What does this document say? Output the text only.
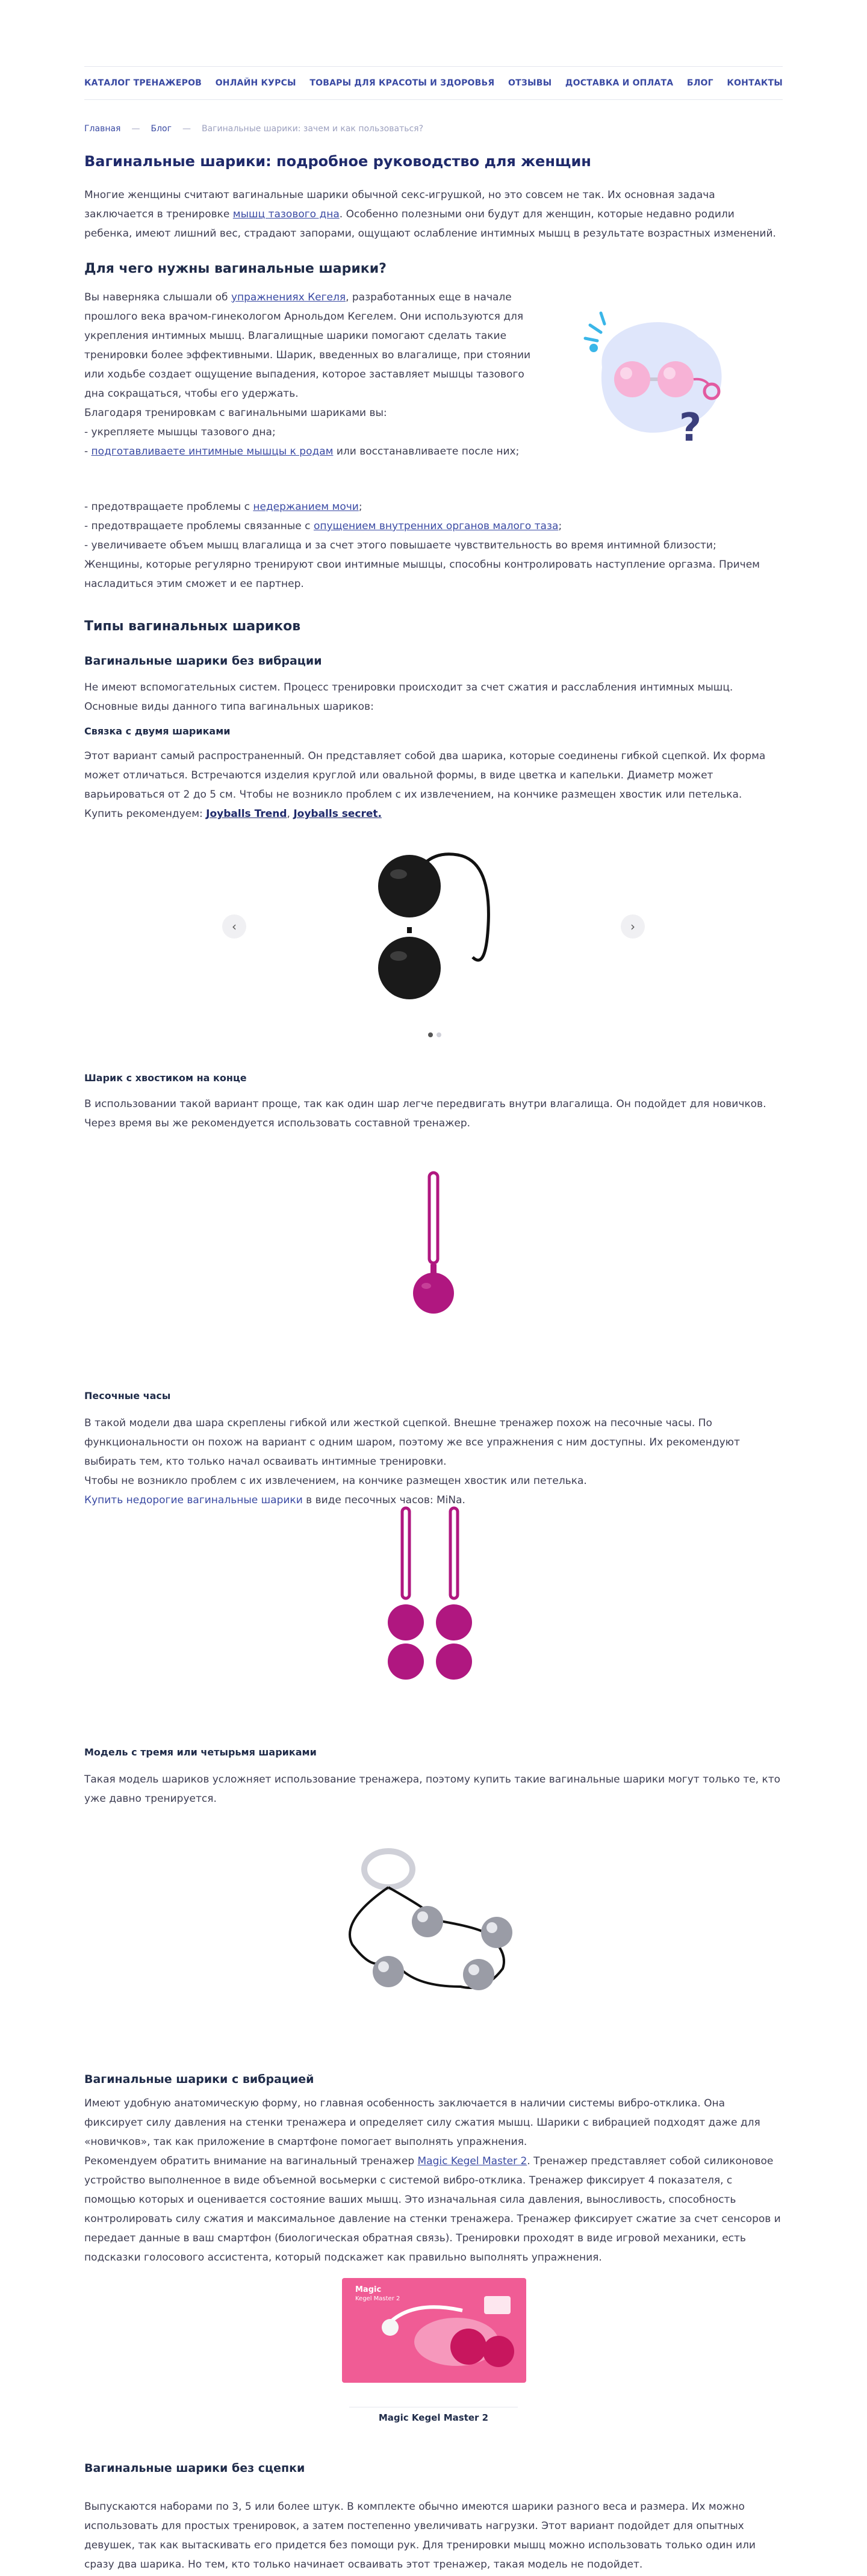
КАТАЛОГ ТРЕНАЖЕРОВ ОНЛАЙН КУРСЫ ТОВАРЫ ДЛЯ КРАСОТЫ И ЗДОРОВЬЯ ОТЗЫВЫ ДОСТАВКА И ОПЛАТА БЛОГ КОНТАКТЫ
Главная — Блог — Вагинальные шарики: зачем и как пользоваться?
Вагинальные шарики: подробное руководство для женщин

Многие женщины считают вагинальные шарики обычной секс-игрушкой, но это совсем не так. Их основная задача заключается в тренировке мышц тазового дна. Особенно полезными они будут для женщин, которые недавно родили ребенка, имеют лишний вес, страдают запорами, ощущают ослабление интимных мышц в результате возрастных изменений.

Для чего нужны вагинальные шарики?

Вы наверняка слышали об упражнениях Кегеля, разработанных еще в начале прошлого века врачом-гинекологом Арнольдом Кегелем. Они используются для укрепления интимных мышц. Влагалищные шарики помогают сделать такие тренировки более эффективными. Шарик, введенных во влагалище, при стоянии или ходьбе создает ощущение выпадения, которое заставляет мышцы тазового дна сокращаться, чтобы его удержать.

Благодаря тренировкам с вагинальными шариками вы:

- укрепляете мышцы тазового дна;

- подготавливаете интимные мышцы к родам или восстанавливаете после них;

- предотвращаете проблемы с недержанием мочи;

- предотвращаете проблемы связанные с опущением внутренних органов малого таза;

- увеличиваете объем мышц влагалища и за счет этого повышаете чувствительность во время интимной близости;

Женщины, которые регулярно тренируют свои интимные мышцы, способны контролировать наступление оргазма. Причем насладиться этим сможет и ее партнер.

?
Типы вагинальных шариков
Вагинальные шарики без вибрации

Не имеют вспомогательных систем. Процесс тренировки происходит за счет сжатия и расслабления интимных мышц.

Основные виды данного типа вагинальных шариков:

Связка с двумя шариками

Этот вариант самый распространенный. Он представляет собой два шарика, которые соединены гибкой сцепкой. Их форма может отличаться. Встречаются изделия круглой или овальной формы, в виде цветка и капельки. Диаметр может варьироваться от 2 до 5 см. Чтобы не возникло проблем с их извлечением, на кончике размещен хвостик или петелька.

Купить рекомендуем: Joyballs Trend, Joyballs secret.

‹	›
Шарик с хвостиком на конце

В использовании такой вариант проще, так как один шар легче передвигать внутри влагалища. Он подойдет для новичков. Через время вы же рекомендуется использовать составной тренажер.

Песочные часы

В такой модели два шара скреплены гибкой или жесткой сцепкой. Внешне тренажер похож на песочные часы. По функциональности он похож на вариант с одним шаром, поэтому же все упражнения с ним доступны. Их рекомендуют выбирать тем, кто только начал осваивать интимные тренировки.

Чтобы не возникло проблем с их извлечением, на кончике размещен хвостик или петелька.

Купить недорогие вагинальные шарики в виде песочных часов: MiNa.

Модель с тремя или четырьмя шариками

Такая модель шариков усложняет использование тренажера, поэтому купить такие вагинальные шарики могут только те, кто уже давно тренируется.

Вагинальные шарики с вибрацией

Имеют удобную анатомическую форму, но главная особенность заключается в наличии системы вибро-отклика. Она фиксирует силу давления на стенки тренажера и определяет силу сжатия мышц. Шарики с вибрацией подходят даже для «новичков», так как приложение в смартфоне помогает выполнять упражнения.

Рекомендуем обратить внимание на вагинальный тренажер Magic Kegel Master 2. Тренажер представляет собой силиконовое устройство выполненное в виде объемной восьмерки с системой вибро-отклика. Тренажер фиксирует 4 показателя, с помощью которых и оценивается состояние ваших мышц. Это изначальная сила давления, выносливость, способность контролировать силу сжатия и максимальное давление на стенки тренажера. Тренажер фиксирует сжатие за счет сенсоров и передает данные в ваш смартфон (биологическая обратная связь). Тренировки проходят в виде игровой механики, есть подсказки голосового ассистента, который подскажет как правильно выполнять упражнения.

Magic
Kegel Master 2
Magic Kegel Master 2
Вагинальные шарики без сцепки

Выпускаются наборами по 3, 5 или более штук. В комплекте обычно имеются шарики разного веса и размера. Их можно использовать для простых тренировок, а затем постепенно увеличивать нагрузки. Этот вариант подойдет для опытных девушек, так как вытаскивать его придется без помощи рук. Для тренировки мышц можно использовать только один или сразу два шарика. Но тем, кто только начинает осваивать этот тренажер, такая модель не подойдет.
